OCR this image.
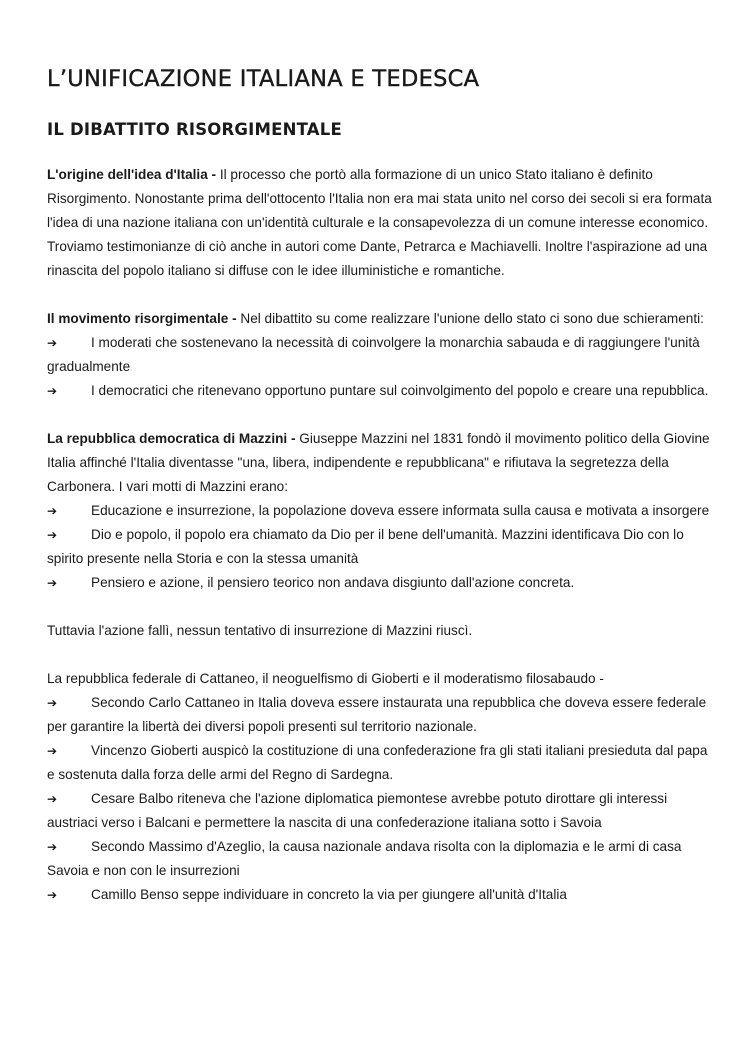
L’UNIFICAZIONE ITALIANA E TEDESCA
IL DIBATTITO RISORGIMENTALE

L'origine dell'idea d'Italia - Il processo che portò alla formazione di un unico Stato italiano è definito Risorgimento. Nonostante prima dell'ottocento l'Italia non era mai stata unito nel corso dei secoli si era formata l'idea di una nazione italiana con un'identità culturale e la consapevolezza di un comune interesse economico. Troviamo testimonianze di ciò anche in autori come Dante, Petrarca e Machiavelli. Inoltre l'aspirazione ad una rinascita del popolo italiano si diffuse con le idee illuministiche e romantiche.

Il movimento risorgimentale - Nel dibattito su come realizzare l'unione dello stato ci sono due schieramenti:

➔ I moderati che sostenevano la necessità di coinvolgere la monarchia sabauda e di raggiungere l'unità gradualmente

➔ I democratici che ritenevano opportuno puntare sul coinvolgimento del popolo e creare una repubblica.

La repubblica democratica di Mazzini - Giuseppe Mazzini nel 1831 fondò il movimento politico della Giovine Italia affinché l'Italia diventasse "una, libera, indipendente e repubblicana" e rifiutava la segretezza della Carbonera. I vari motti di Mazzini erano:

➔ Educazione e insurrezione, la popolazione doveva essere informata sulla causa e motivata a insorgere

➔ Dio e popolo, il popolo era chiamato da Dio per il bene dell'umanità. Mazzini identificava Dio con lo spirito presente nella Storia e con la stessa umanità

➔ Pensiero e azione, il pensiero teorico non andava disgiunto dall'azione concreta.

Tuttavia l'azione fallì, nessun tentativo di insurrezione di Mazzini riuscì.

La repubblica federale di Cattaneo, il neoguelfismo di Gioberti e il moderatismo filosabaudo -

➔ Secondo Carlo Cattaneo in Italia doveva essere instaurata una repubblica che doveva essere federale per garantire la libertà dei diversi popoli presenti sul territorio nazionale.

➔ Vincenzo Gioberti auspicò la costituzione di una confederazione fra gli stati italiani presieduta dal papa e sostenuta dalla forza delle armi del Regno di Sardegna.

➔ Cesare Balbo riteneva che l'azione diplomatica piemontese avrebbe potuto dirottare gli interessi austriaci verso i Balcani e permettere la nascita di una confederazione italiana sotto i Savoia

➔ Secondo Massimo d'Azeglio, la causa nazionale andava risolta con la diplomazia e le armi di casa Savoia e non con le insurrezioni

➔ Camillo Benso seppe individuare in concreto la via per giungere all'unità d'Italia
